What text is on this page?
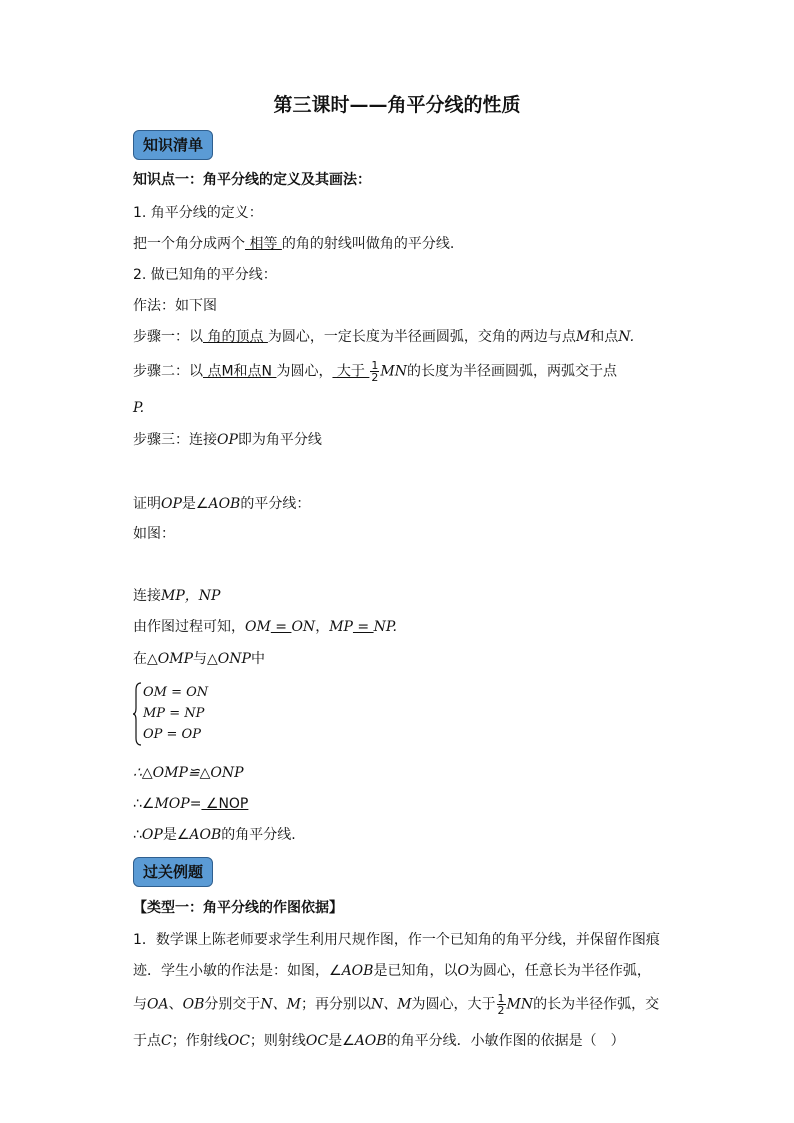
第三课时——角平分线的性质
知识清单
知识点一：角平分线的定义及其画法：
1. 角平分线的定义：
把一个角分成两个 相等 的角的射线叫做角的平分线.
2. 做已知角的平分线：
作法：如下图
步骤一：以 角的顶点 为圆心，一定长度为半径画圆弧，交角的两边与点M和点N.
步骤二：以 点M和点N 为圆心， 大于 $\frac{1}{2}$ MN的长度为半径画圆弧，两弧交于点
P.
步骤三：连接OP即为角平分线
证明OP是∠AOB的平分线：
如图：
连接MP，NP
由作图过程可知，OM = ON，MP = NP.
在△OMP与△ONP中
OM = ON
MP = NP
OP = OP
∴△OMP≌△ONP
∴∠MOP= ∠NOP
∴OP是∠AOB的角平分线.
过关例题
【类型一：角平分线的作图依据】
1．数学课上陈老师要求学生利用尺规作图，作一个已知角的角平分线，并保留作图痕
迹．学生小敏的作法是：如图，∠AOB是已知角，以O为圆心，任意长为半径作弧，
与OA、OB分别交于N、M；再分别以N、M为圆心，大于 $\frac{1}{2}$ MN的长为半径作弧，交
于点C；作射线OC；则射线OC是∠AOB的角平分线．小敏作图的依据是（　）
